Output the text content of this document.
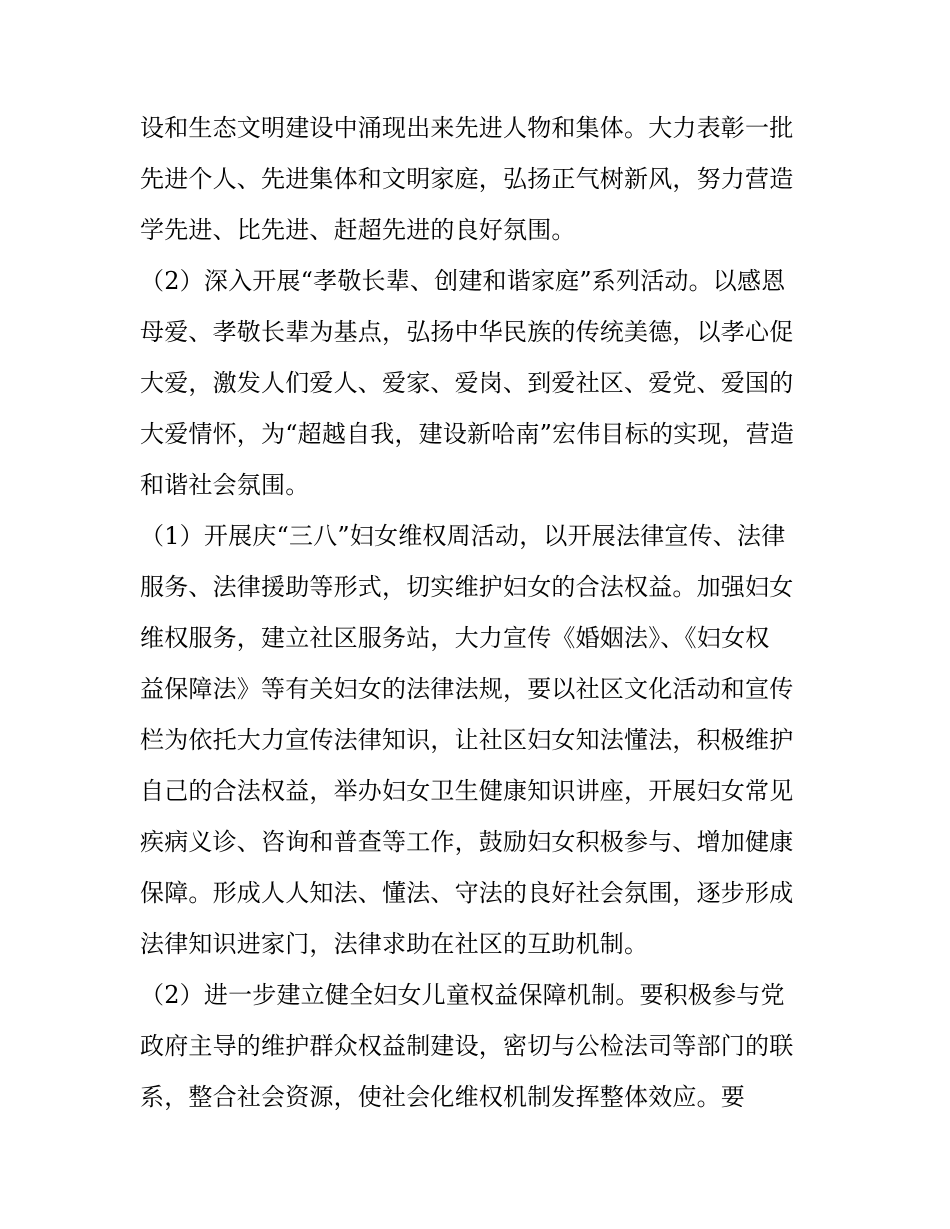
设和生态文明建设中涌现出来先进人物和集体。大力表彰一批
先进个人、先进集体和文明家庭，弘扬正气树新风，努力营造
学先进、比先进、赶超先进的良好氛围。
（2）深入开展“孝敬长辈、创建和谐家庭”系列活动。以感恩
母爱、孝敬长辈为基点，弘扬中华民族的传统美德，以孝心促
大爱，激发人们爱人、爱家、爱岗、到爱社区、爱党、爱国的
大爱情怀，为“超越自我，建设新哈南”宏伟目标的实现，营造
和谐社会氛围。
（1）开展庆“三八”妇女维权周活动，以开展法律宣传、法律
服务、法律援助等形式，切实维护妇女的合法权益。加强妇女
维权服务，建立社区服务站，大力宣传《婚姻法》、《妇女权
益保障法》等有关妇女的法律法规，要以社区文化活动和宣传
栏为依托大力宣传法律知识，让社区妇女知法懂法，积极维护
自己的合法权益，举办妇女卫生健康知识讲座，开展妇女常见
疾病义诊、咨询和普查等工作，鼓励妇女积极参与、增加健康
保障。形成人人知法、懂法、守法的良好社会氛围，逐步形成
法律知识进家门，法律求助在社区的互助机制。
（2）进一步建立健全妇女儿童权益保障机制。要积极参与党
政府主导的维护群众权益制建设，密切与公检法司等部门的联
系，整合社会资源，使社会化维权机制发挥整体效应。要
